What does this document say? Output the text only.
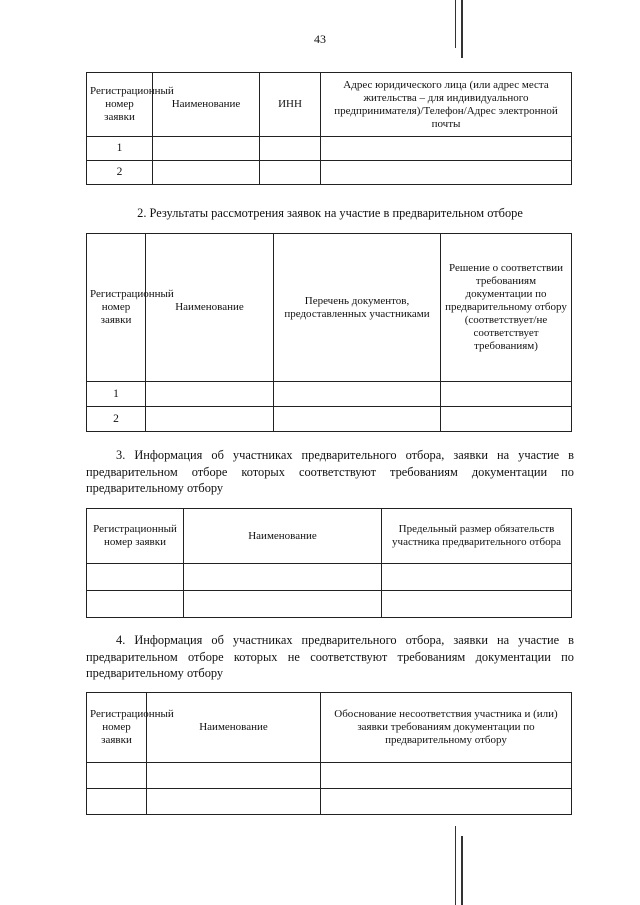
43
Регистрационный номер заявки	Наименование	ИНН	Адрес юридического лица (или адрес места жительства – для индивидуального предпринимателя)/Телефон/Адрес электронной почты
1			
2			
2. Результаты рассмотрения заявок на участие в предварительном отборе
Регистрационный номер заявки	Наименование	Перечень документов, предоставленных участниками	Решение о соответствии требованиям документации по предварительному отбору (соответствует/не соответствует требованиям)
1			
2			
3. Информация об участниках предварительного отбора, заявки на участие в предварительном отборе которых соответствуют требованиям документации по предварительному отбору
Регистрационный номер заявки	Наименование	Предельный размер обязательств участника предварительного отбора

4. Информация об участниках предварительного отбора, заявки на участие в предварительном отборе которых не соответствуют требованиям документации по предварительному отбору
Регистрационный номер заявки	Наименование	Обоснование несоответствия участника и (или) заявки требованиям документации по предварительному отбору
